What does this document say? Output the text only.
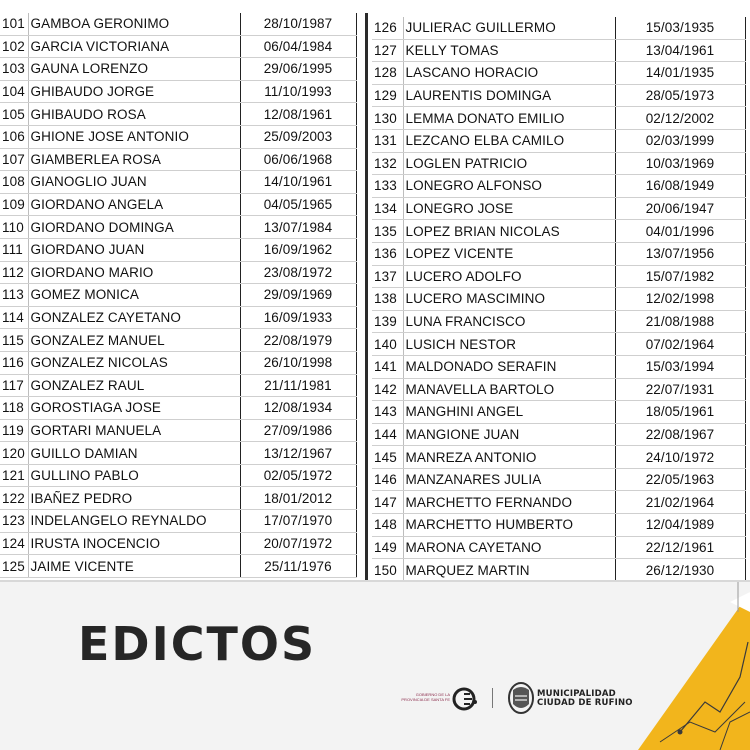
101	GAMBOA GERONIMO	28/10/1987
102	GARCIA VICTORIANA	06/04/1984
103	GAUNA LORENZO	29/06/1995
104	GHIBAUDO JORGE	11/10/1993
105	GHIBAUDO ROSA	12/08/1961
106	GHIONE JOSE ANTONIO	25/09/2003
107	GIAMBERLEA ROSA	06/06/1968
108	GIANOGLIO JUAN	14/10/1961
109	GIORDANO ANGELA	04/05/1965
110	GIORDANO DOMINGA	13/07/1984
111	GIORDANO JUAN	16/09/1962
112	GIORDANO MARIO	23/08/1972
113	GOMEZ MONICA	29/09/1969
114	GONZALEZ CAYETANO	16/09/1933
115	GONZALEZ MANUEL	22/08/1979
116	GONZALEZ NICOLAS	26/10/1998
117	GONZALEZ RAUL	21/11/1981
118	GOROSTIAGA JOSE	12/08/1934
119	GORTARI MANUELA	27/09/1986
120	GUILLO DAMIAN	13/12/1967
121	GULLINO PABLO	02/05/1972
122	IBAÑEZ PEDRO	18/01/2012
123	INDELANGELO REYNALDO	17/07/1970
124	IRUSTA INOCENCIO	20/07/1972
125	JAIME VICENTE	25/11/1976
126	JULIERAC GUILLERMO	15/03/1935
127	KELLY TOMAS	13/04/1961
128	LASCANO HORACIO	14/01/1935
129	LAURENTIS DOMINGA	28/05/1973
130	LEMMA DONATO EMILIO	02/12/2002
131	LEZCANO ELBA CAMILO	02/03/1999
132	LOGLEN PATRICIO	10/03/1969
133	LONEGRO ALFONSO	16/08/1949
134	LONEGRO JOSE	20/06/1947
135	LOPEZ BRIAN NICOLAS	04/01/1996
136	LOPEZ VICENTE	13/07/1956
137	LUCERO ADOLFO	15/07/1982
138	LUCERO MASCIMINO	12/02/1998
139	LUNA FRANCISCO	21/08/1988
140	LUSICH NESTOR	07/02/1964
141	MALDONADO SERAFIN	15/03/1994
142	MANAVELLA BARTOLO	22/07/1931
143	MANGHINI ANGEL	18/05/1961
144	MANGIONE JUAN	22/08/1967
145	MANREZA ANTONIO	24/10/1972
146	MANZANARES JULIA	22/05/1963
147	MARCHETTO FERNANDO	21/02/1964
148	MARCHETTO HUMBERTO	12/04/1989
149	MARONA CAYETANO	22/12/1961
150	MARQUEZ MARTIN	26/12/1930
EDICTOS
GOBIERNO DE LA PROVINCIA DE SANTA FE
MUNICIPALIDAD
CIUDAD DE RUFINO
